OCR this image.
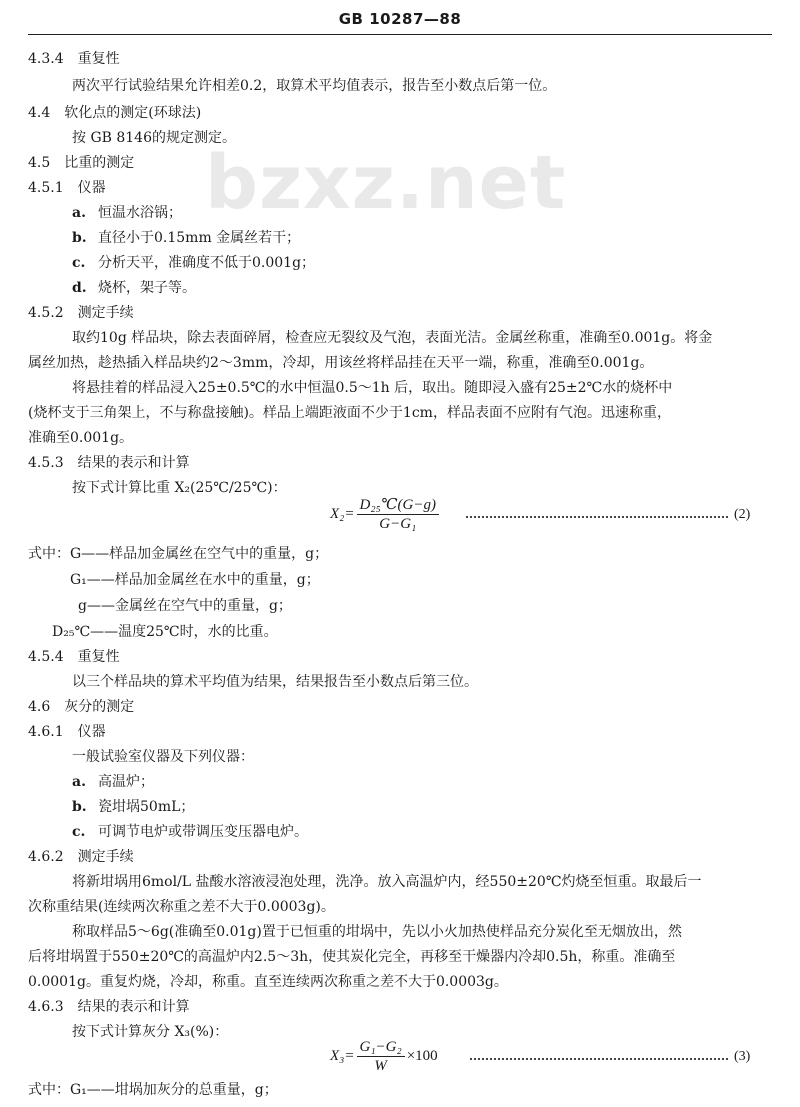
GB 10287—88
bzxz.net
4.3.4　重复性
两次平行试验结果允许相差0.2，取算术平均值表示，报告至小数点后第一位。
4.4　软化点的测定(环球法)
按 GB 8146的规定测定。
4.5　比重的测定
4.5.1　仪器
a. 恒温水浴锅；
b. 直径小于0.15mm 金属丝若干；
c. 分析天平，准确度不低于0.001g；
d. 烧杯，架子等。
4.5.2　测定手续
取约10g 样品块，除去表面碎屑，检查应无裂纹及气泡，表面光洁。金属丝称重，准确至0.001g。将金
属丝加热，趁热插入样品块约2～3mm，冷却，用该丝将样品挂在天平一端，称重，准确至0.001g。
将悬挂着的样品浸入25±0.5℃的水中恒温0.5～1h 后，取出。随即浸入盛有25±2℃水的烧杯中
(烧杯支于三角架上，不与称盘接触)。样品上端距液面不少于1cm，样品表面不应附有气泡。迅速称重，
准确至0.001g。
4.5.3　结果的表示和计算
按下式计算比重 X₂(25℃/25℃)：
$X_2= \frac{\text{D₂₅℃(G−g)}}{\text{G−G₁}}$	(2)
式中：G——样品加金属丝在空气中的重量，g；
G₁——样品加金属丝在水中的重量，g；
g——金属丝在空气中的重量，g；
D₂₅℃——温度25℃时，水的比重。
4.5.4　重复性
以三个样品块的算术平均值为结果，结果报告至小数点后第三位。
4.6　灰分的测定
4.6.1　仪器
一般试验室仪器及下列仪器：
a. 高温炉；
b. 瓷坩埚50mL；
c. 可调节电炉或带调压变压器电炉。
4.6.2　测定手续
将新坩埚用6mol/L 盐酸水溶液浸泡处理，洗净。放入高温炉内，经550±20℃灼烧至恒重。取最后一
次称重结果(连续两次称重之差不大于0.0003g)。
称取样品5～6g(准确至0.01g)置于已恒重的坩埚中，先以小火加热使样品充分炭化至无烟放出，然
后将坩埚置于550±20℃的高温炉内2.5～3h，使其炭化完全，再移至干燥器内冷却0.5h，称重。准确至
0.0001g。重复灼烧，冷却，称重。直至连续两次称重之差不大于0.0003g。
4.6.3　结果的表示和计算
按下式计算灰分 X₃(%)：
$X_3= \frac{\text{G₁−G₂}}{W} \times 100$	(3)
式中：G₁——坩埚加灰分的总重量，g；
